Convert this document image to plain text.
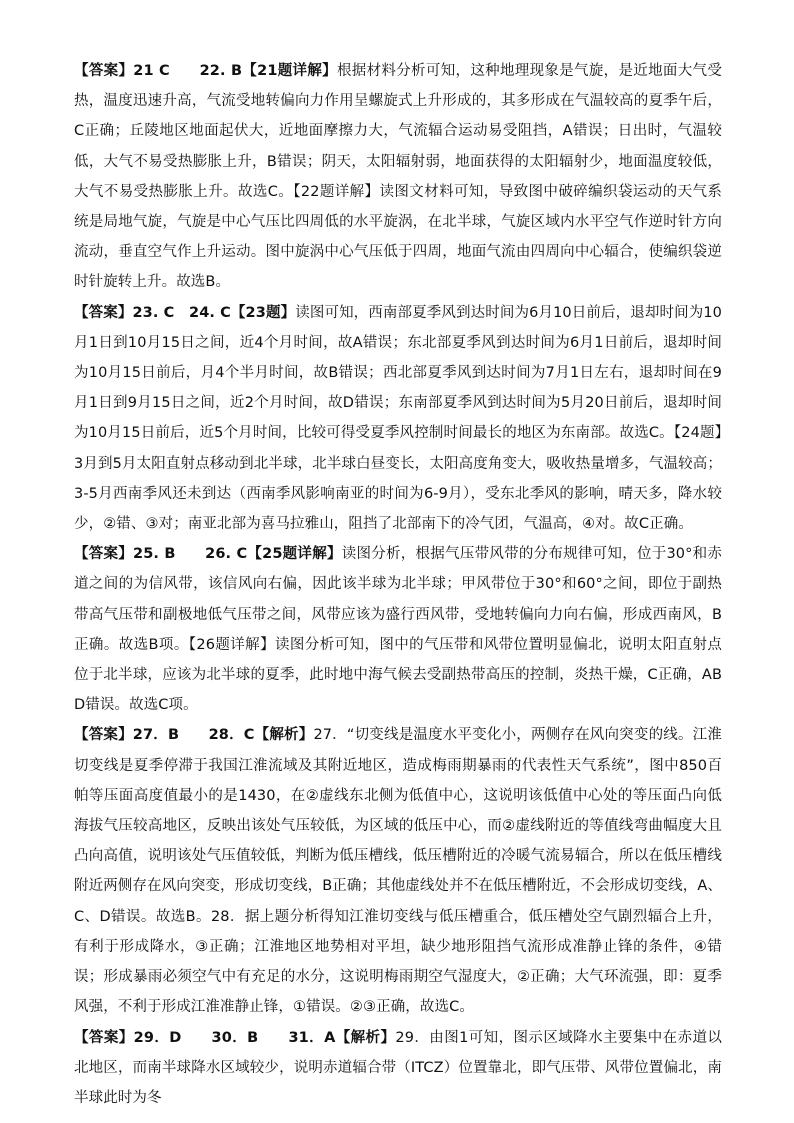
【答案】21 C　　22. B【21题详解】根据材料分析可知，这种地理现象是气旋，是近地面大气受热，温度迅速升高，气流受地转偏向力作用呈螺旋式上升形成的，其多形成在气温较高的夏季午后，C正确；丘陵地区地面起伏大，近地面摩擦力大，气流辐合运动易受阻挡，A错误；日出时，气温较低，大气不易受热膨胀上升，B错误；阴天，太阳辐射弱，地面获得的太阳辐射少，地面温度较低，大气不易受热膨胀上升。故选C。【22题详解】读图文材料可知，导致图中破碎编织袋运动的天气系统是局地气旋，气旋是中心气压比四周低的水平旋涡，在北半球，气旋区域内水平空气作逆时针方向流动，垂直空气作上升运动。图中旋涡中心气压低于四周，地面气流由四周向中心辐合，使编织袋逆时针旋转上升。故选B。

【答案】23. C　24. C【23题】读图可知，西南部夏季风到达时间为6月10日前后，退却时间为10月1日到10月15日之间，近4个月时间，故A错误；东北部夏季风到达时间为6月1日前后，退却时间为10月15日前后，月4个半月时间，故B错误；西北部夏季风到达时间为7月1日左右，退却时间在9月1日到9月15日之间，近2个月时间，故D错误；东南部夏季风到达时间为5月20日前后，退却时间为10月15日前后，近5个月时间，比较可得受夏季风控制时间最长的地区为东南部。故选C。【24题】3月到5月太阳直射点移动到北半球，北半球白昼变长，太阳高度角变大，吸收热量增多，气温较高；3-5月西南季风还未到达（西南季风影响南亚的时间为6-9月），受东北季风的影响，晴天多，降水较少，②错、③对；南亚北部为喜马拉雅山，阻挡了北部南下的冷气团，气温高，④对。故C正确。

【答案】25. B　　26. C【25题详解】读图分析，根据气压带风带的分布规律可知，位于30°和赤道之间的为信风带，该信风向右偏，因此该半球为北半球；甲风带位于30°和60°之间，即位于副热带高气压带和副极地低气压带之间，风带应该为盛行西风带，受地转偏向力向右偏，形成西南风，B正确。故选B项。【26题详解】读图分析可知，图中的气压带和风带位置明显偏北，说明太阳直射点位于北半球，应该为北半球的夏季，此时地中海气候去受副热带高压的控制，炎热干燥，C正确，ABD错误。故选C项。

【答案】27．B　　28．C【解析】27．“切变线是温度水平变化小，两侧存在风向突变的线。江淮切变线是夏季停滞于我国江淮流域及其附近地区，造成梅雨期暴雨的代表性天气系统”，图中850百帕等压面高度值最小的是1430，在②虚线东北侧为低值中心，这说明该低值中心处的等压面凸向低海拔气压较高地区，反映出该处气压较低，为区域的低压中心，而②虚线附近的等值线弯曲幅度大且凸向高值，说明该处气压值较低，判断为低压槽线，低压槽附近的冷暖气流易辐合，所以在低压槽线附近两侧存在风向突变，形成切变线，B正确；其他虚线处并不在低压槽附近，不会形成切变线，A、C、D错误。故选B。28．据上题分析得知江淮切变线与低压槽重合，低压槽处空气剧烈辐合上升，有利于形成降水，③正确；江淮地区地势相对平坦，缺少地形阻挡气流形成准静止锋的条件，④错误；形成暴雨必须空气中有充足的水分，这说明梅雨期空气湿度大，②正确；大气环流强，即：夏季风强，不利于形成江淮准静止锋，①错误。②③正确，故选C。

【答案】29．D　　30．B　　31．A【解析】29．由图1可知，图示区域降水主要集中在赤道以北地区，而南半球降水区域较少，说明赤道辐合带（ITCZ）位置靠北，即气压带、风带位置偏北，南半球此时为冬
